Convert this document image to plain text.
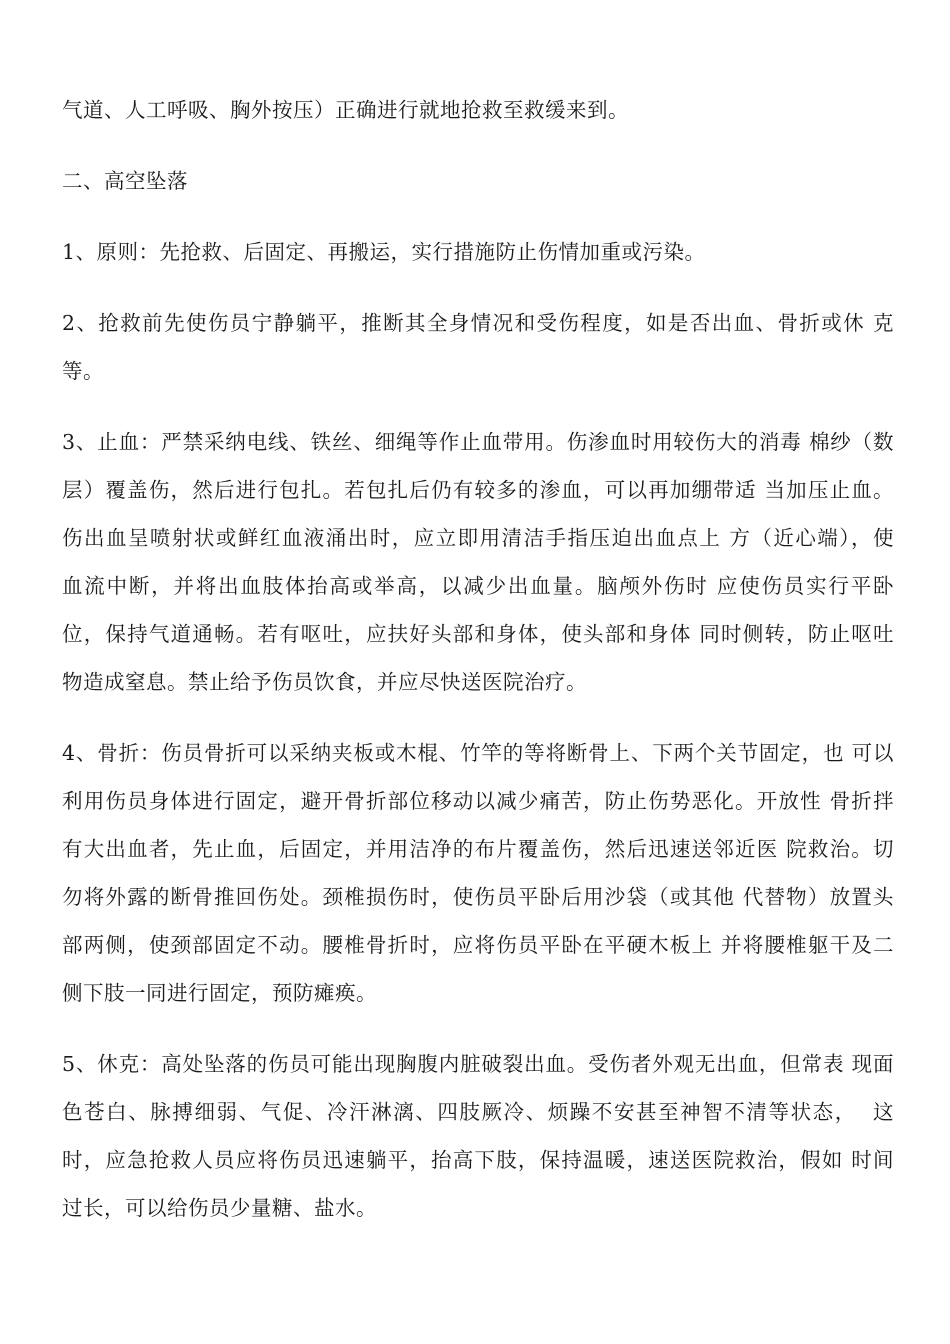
气道、人工呼吸、胸外按压）正确进行就地抢救至救缓来到。
二、高空坠落
1、原则：先抢救、后固定、再搬运，实行措施防止伤情加重或污染。
2、抢救前先使伤员宁静躺平，推断其全身情况和受伤程度，如是否出血、骨折或休 克
等。
3、止血：严禁采纳电线、铁丝、细绳等作止血带用。伤渗血时用较伤大的消毒 棉纱（数
层）覆盖伤，然后进行包扎。若包扎后仍有较多的渗血，可以再加绷带适 当加压止血。
伤出血呈喷射状或鲜红血液涌出时，应立即用清洁手指压迫出血点上 方（近心端），使
血流中断，并将出血肢体抬高或举高，以减少出血量。脑颅外伤时 应使伤员实行平卧
位，保持气道通畅。若有呕吐，应扶好头部和身体，使头部和身体 同时侧转，防止呕吐
物造成窒息。禁止给予伤员饮食，并应尽快送医院治疗。
4、骨折：伤员骨折可以采纳夹板或木棍、竹竿的等将断骨上、下两个关节固定，也 可以
利用伤员身体进行固定，避开骨折部位移动以减少痛苦，防止伤势恶化。开放性 骨折拌
有大出血者，先止血，后固定，并用洁净的布片覆盖伤，然后迅速送邻近医 院救治。切
勿将外露的断骨推回伤处。颈椎损伤时，使伤员平卧后用沙袋（或其他 代替物）放置头
部两侧，使颈部固定不动。腰椎骨折时，应将伤员平卧在平硬木板上 并将腰椎躯干及二
侧下肢一同进行固定，预防瘫痪。
5、休克：高处坠落的伤员可能出现胸腹内脏破裂出血。受伤者外观无出血，但常表 现面
色苍白、脉搏细弱、气促、冷汗淋漓、四肢厥冷、烦躁不安甚至神智不清等状态，  这
时，应急抢救人员应将伤员迅速躺平，抬高下肢，保持温暖，速送医院救治，假如 时间
过长，可以给伤员少量糖、盐水。
